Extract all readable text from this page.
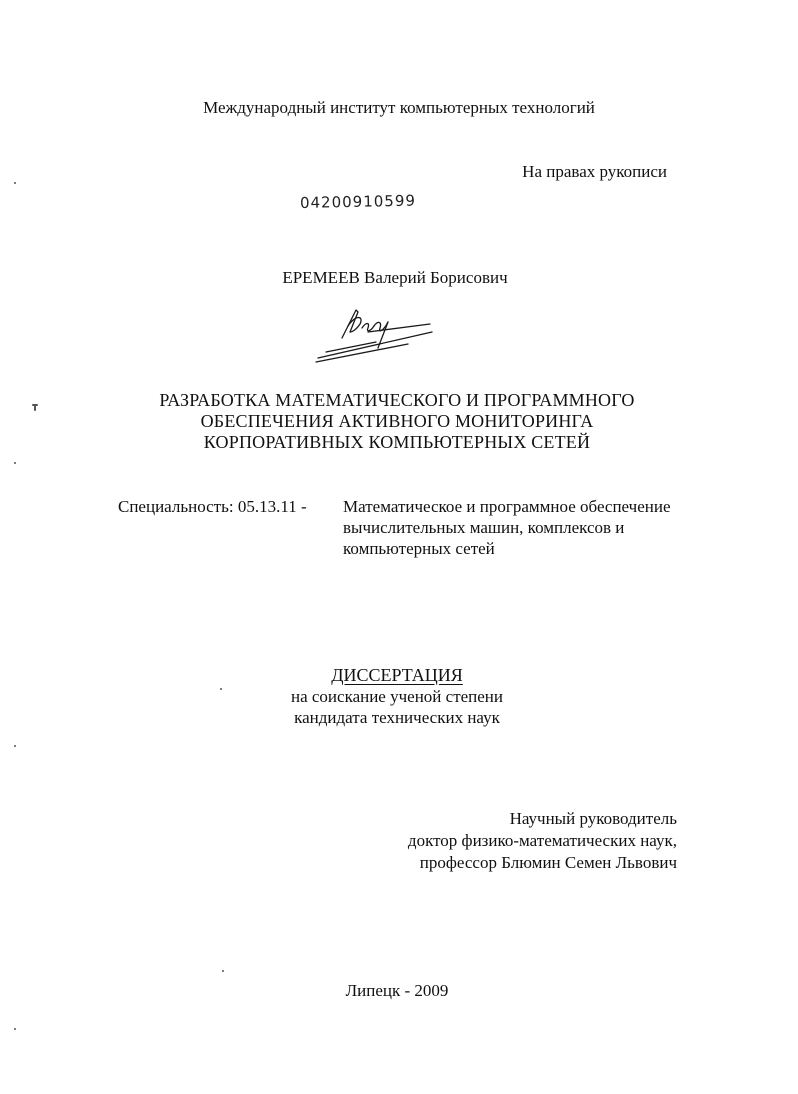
Международный институт компьютерных технологий
На правах рукописи
04200910599
ЕРЕМЕЕВ Валерий Борисович
РАЗРАБОТКА МАТЕМАТИЧЕСКОГО И ПРОГРАММНОГО
ОБЕСПЕЧЕНИЯ АКТИВНОГО МОНИТОРИНГА
КОРПОРАТИВНЫХ КОМПЬЮТЕРНЫХ СЕТЕЙ
Специальность: 05.13.11 - Математическое и программное обеспечение
вычислительных машин, комплексов и
компьютерных сетей
ДИССЕРТАЦИЯ
на соискание ученой степени
кандидата технических наук
Научный руководитель
доктор физико-математических наук,
профессор Блюмин Семен Львович
Липецк - 2009
